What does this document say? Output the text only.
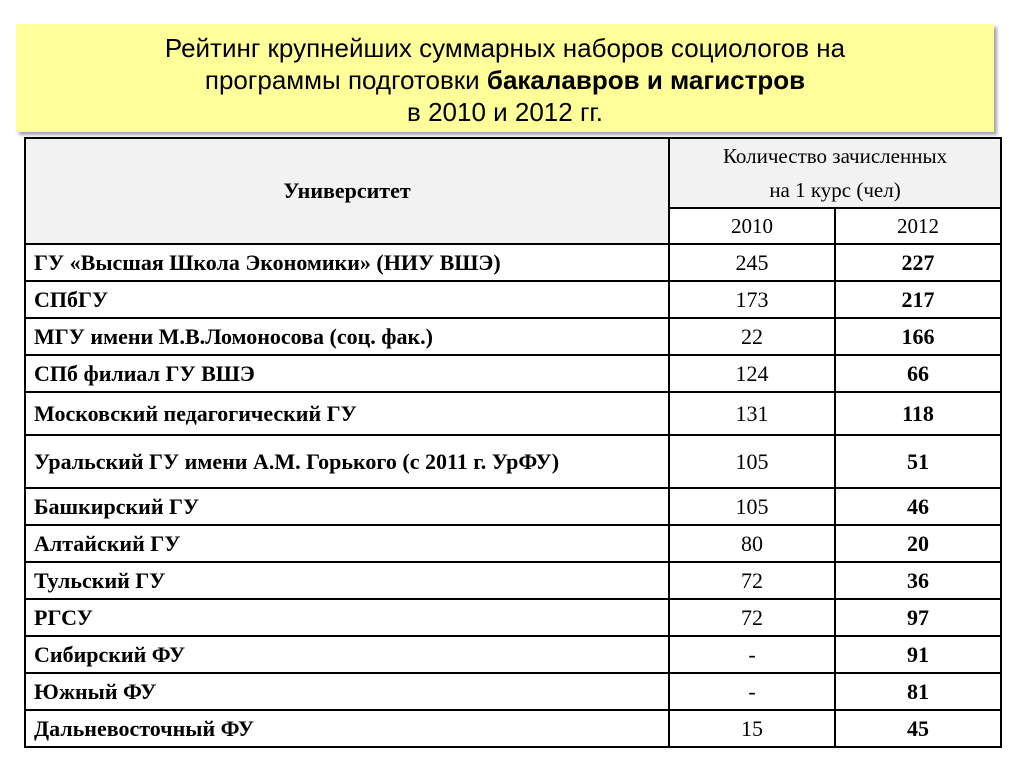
Рейтинг крупнейших суммарных наборов социологов на
программы подготовки бакалавров и магистров
в 2010 и 2012 гг.
Университет	Количество зачисленных
на 1 курс (чел)	

	2010	2012
ГУ «Высшая Школа Экономики» (НИУ ВШЭ)	245	227
СПбГУ	173	217
МГУ имени М.В.Ломоносова (соц. фак.)	22	166
СПб филиал ГУ ВШЭ	124	66
Московский педагогический ГУ	131	118
Уральский ГУ имени А.М. Горького (с 2011 г. УрФУ)	105	51
Башкирский ГУ	105	46
Алтайский ГУ	80	20
Тульский ГУ	72	36
РГСУ	72	97
Сибирский ФУ	-	91
Южный ФУ	-	81
Дальневосточный ФУ	15	45
